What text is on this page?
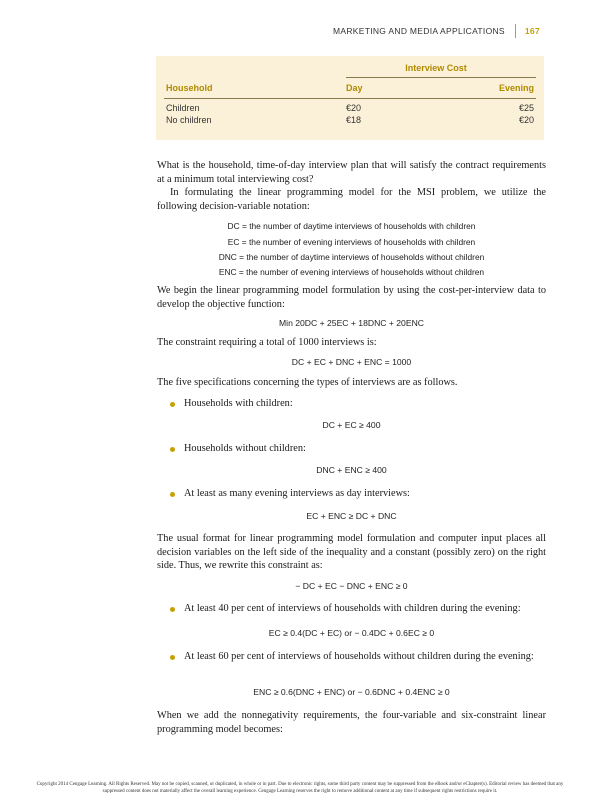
MARKETING AND MEDIA APPLICATIONS 167
Interview Cost
Household	Day	Evening
Children	€20	€25
No children	€18	€20
What is the household, time-of-day interview plan that will satisfy the contract requirements at a minimum total interviewing cost?
In formulating the linear programming model for the MSI problem, we utilize the following decision-variable notation:
DC = the number of daytime interviews of households with children
EC = the number of evening interviews of households with children
DNC = the number of daytime interviews of households without children
ENC = the number of evening interviews of households without children
We begin the linear programming model formulation by using the cost-per-interview data to develop the objective function:
Min 20DC + 25EC + 18DNC + 20ENC
The constraint requiring a total of 1000 interviews is:
DC + EC + DNC + ENC = 1000
The five specifications concerning the types of interviews are as follows.
Households with children:
DC + EC ≥ 400
Households without children:
DNC + ENC ≥ 400
At least as many evening interviews as day interviews:
EC + ENC ≥ DC + DNC
The usual format for linear programming model formulation and computer input places all decision variables on the left side of the inequality and a constant (possibly zero) on the right side. Thus, we rewrite this constraint as:
− DC + EC − DNC + ENC ≥ 0
At least 40 per cent of interviews of households with children during the evening:
EC ≥ 0.4(DC + EC) or − 0.4DC + 0.6EC ≥ 0
At least 60 per cent of interviews of households without children during the evening:
ENC ≥ 0.6(DNC + ENC) or − 0.6DNC + 0.4ENC ≥ 0
When we add the nonnegativity requirements, the four-variable and six-constraint linear programming model becomes:
Copyright 2014 Cengage Learning. All Rights Reserved. May not be copied, scanned, or duplicated, in whole or in part. Due to electronic rights, some third party content may be suppressed from the eBook and/or eChapter(s). Editorial review has deemed that any suppressed content does not materially affect the overall learning experience. Cengage Learning reserves the right to remove additional content at any time if subsequent rights restrictions require it.
